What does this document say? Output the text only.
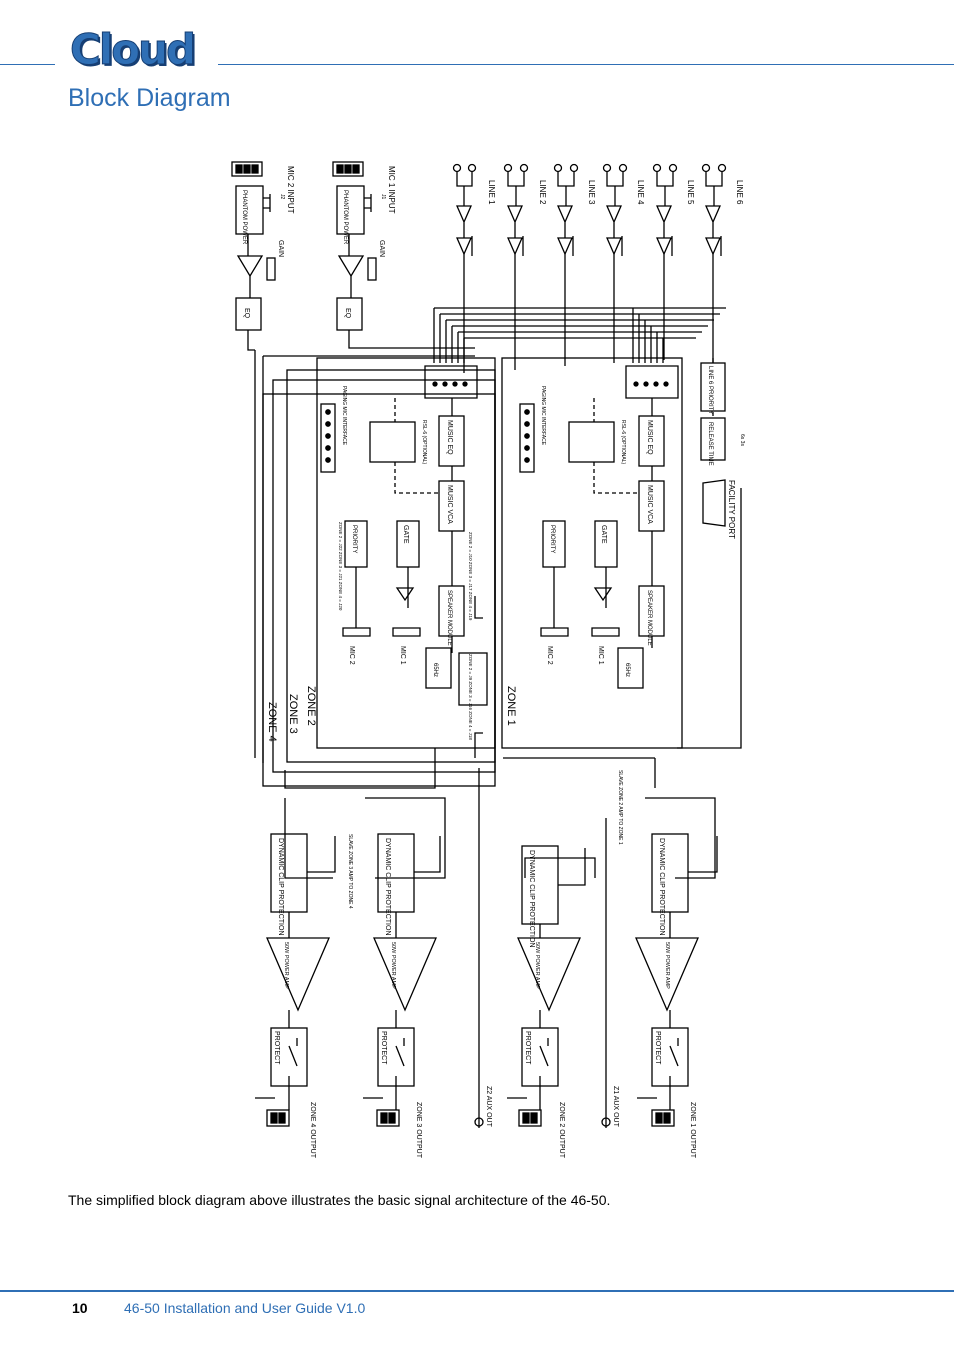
Cloud
Block Diagram
LINE 1	LINE 2	LINE 3	LINE 4	LINE 5	LINE 6
MIC 2 INPUT	MIC 1 INPUT
PHANTOM POWER	PHANTOM POWER
GAIN	GAIN
EQ	EQ
J2	J1
MUSIC EQ
MUSIC VCA
GATE
PRIORITY
SPEAKER MODULE
65Hz
MIC 1
MIC 2
RSL-6 (OPTIONAL)
PAGING MIC INTERFACE
ZONE 2 = J22 ZONE 3 = J21 ZONE 4 = J20	ZONE 2 = J10 ZONE 3 = J17 ZONE 4 = J19
ZONE 2 = J9 ZONE 3 = J16 ZONE 4 = J18
MUSIC EQ
MUSIC VCA
GATE
PRIORITY
SPEAKER MODULE
65Hz
MIC 1
MIC 2
RSL-6 (OPTIONAL)
PAGING MIC INTERFACE
ZONE 1
ZONE 2
ZONE 3
ZONE 4
LINE 6 PRIORITY
RELEASE TIME
FACILITY PORT
6s 3s
SLAVE ZONE 2 AMP TO ZONE 1
SLAVE ZONE 3 AMP TO ZONE 4
DYNAMIC CLIP PROTECTION	DYNAMIC CLIP PROTECTION	DYNAMIC CLIP PROTECTION	DYNAMIC CLIP PROTECTION
50W POWER AMP	50W POWER AMP	50W POWER AMP	50W POWER AMP
PROTECT	PROTECT	PROTECT	PROTECT
ZONE 4 OUTPUT	ZONE 3 OUTPUT	Z2 AUX OUT	ZONE 2 OUTPUT	Z1 AUX OUT	ZONE 1 OUTPUT
The simplified block diagram above illustrates the basic signal architecture of the 46-50.
10	46-50 Installation and User Guide V1.0
